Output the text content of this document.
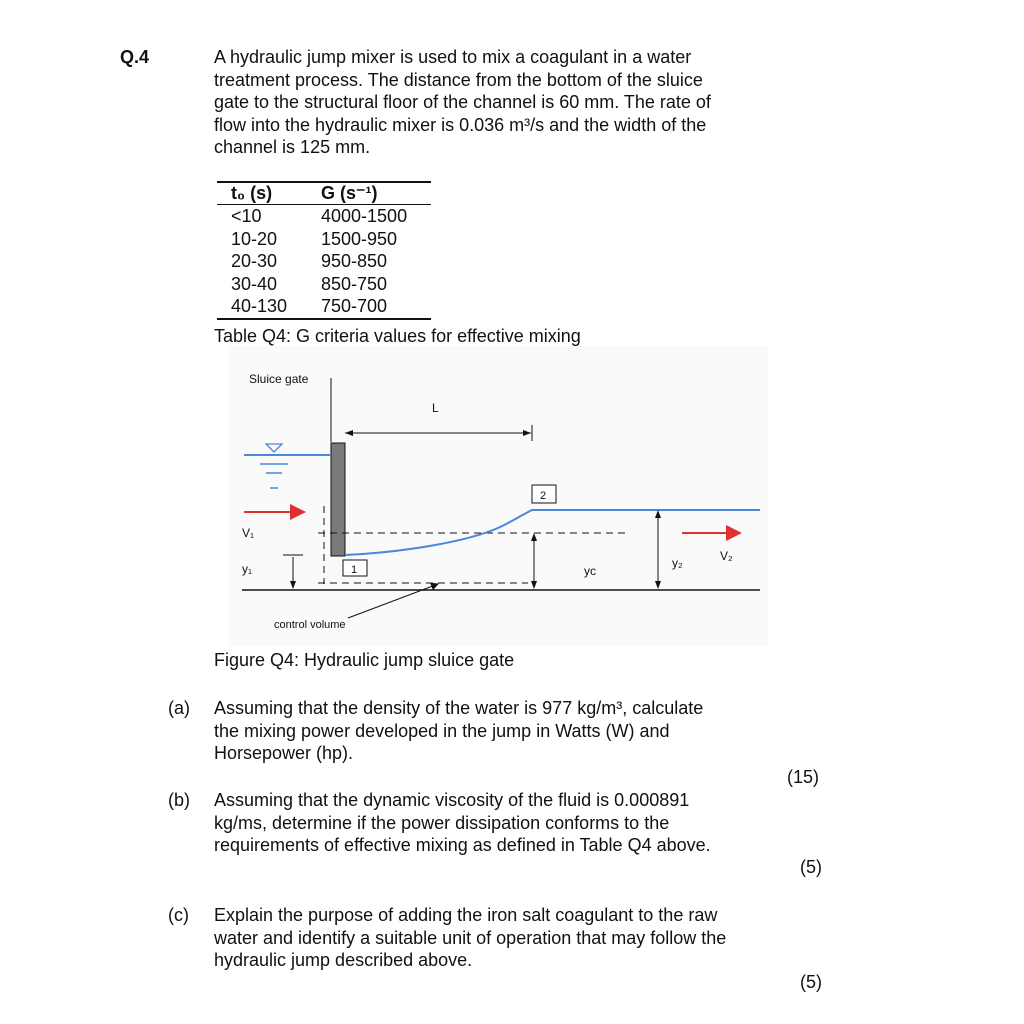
Q.4	A hydraulic jump mixer is used to mix a coagulant in a water
treatment process. The distance from the bottom of the sluice
gate to the structural floor of the channel is 60 mm. The rate of
flow into the hydraulic mixer is 0.036 m³/s and the width of the
channel is 125 mm.
t₀ (s)	G (s⁻¹)
<10	4000-1500
10-20	1500-950
20-30	950-850
30-40	850-750
40-130	750-700
Table Q4: G criteria values for effective mixing
Sluice gate
L
V₁
1
2
y₁	yc
y₂	V₂
control volume
Figure Q4: Hydraulic jump sluice gate
(a) Assuming that the density of the water is 977 kg/m³, calculate
the mixing power developed in the jump in Watts (W) and
Horsepower (hp).
(15)
(b) Assuming that the dynamic viscosity of the fluid is 0.000891
kg/ms, determine if the power dissipation conforms to the
requirements of effective mixing as defined in Table Q4 above.
(5)
(c) Explain the purpose of adding the iron salt coagulant to the raw
water and identify a suitable unit of operation that may follow the
hydraulic jump described above.
(5)
